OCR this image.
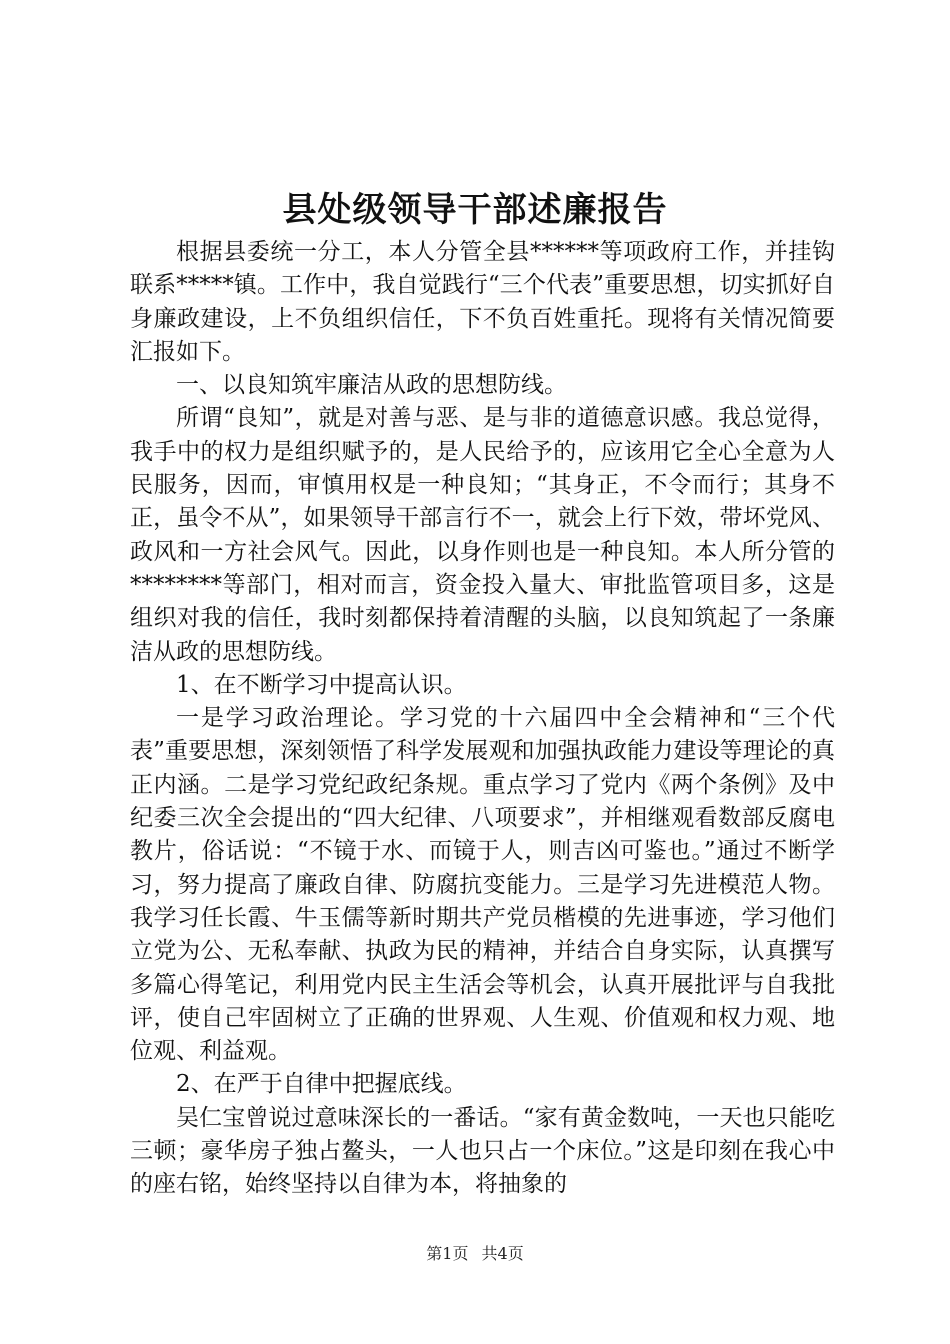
县处级领导干部述廉报告

根据县委统一分工，本人分管全县******等项政府工作，并挂钩联系*****镇。工作中，我自觉践行“三个代表”重要思想，切实抓好自身廉政建设，上不负组织信任，下不负百姓重托。现将有关情况简要汇报如下。

一、以良知筑牢廉洁从政的思想防线。

所谓“良知”，就是对善与恶、是与非的道德意识感。我总觉得，我手中的权力是组织赋予的，是人民给予的，应该用它全心全意为人民服务，因而，审慎用权是一种良知；“其身正，不令而行；其身不正，虽令不从”，如果领导干部言行不一，就会上行下效，带坏党风、政风和一方社会风气。因此，以身作则也是一种良知。本人所分管的********等部门，相对而言，资金投入量大、审批监管项目多，这是组织对我的信任，我时刻都保持着清醒的头脑，以良知筑起了一条廉洁从政的思想防线。

1、在不断学习中提高认识。

一是学习政治理论。学习党的十六届四中全会精神和“三个代表”重要思想，深刻领悟了科学发展观和加强执政能力建设等理论的真正内涵。二是学习党纪政纪条规。重点学习了党内《两个条例》及中纪委三次全会提出的“四大纪律、八项要求”，并相继观看数部反腐电教片，俗话说：“不镜于水、而镜于人，则吉凶可鉴也。”通过不断学习，努力提高了廉政自律、防腐抗变能力。三是学习先进模范人物。我学习任长霞、牛玉儒等新时期共产党员楷模的先进事迹，学习他们立党为公、无私奉献、执政为民的精神，并结合自身实际，认真撰写多篇心得笔记，利用党内民主生活会等机会，认真开展批评与自我批评，使自己牢固树立了正确的世界观、人生观、价值观和权力观、地位观、利益观。

2、在严于自律中把握底线。

吴仁宝曾说过意味深长的一番话。“家有黄金数吨，一天也只能吃三顿；豪华房子独占鳌头，一人也只占一个床位。”这是印刻在我心中的座右铭，始终坚持以自律为本，将抽象的

第1页 共4页
